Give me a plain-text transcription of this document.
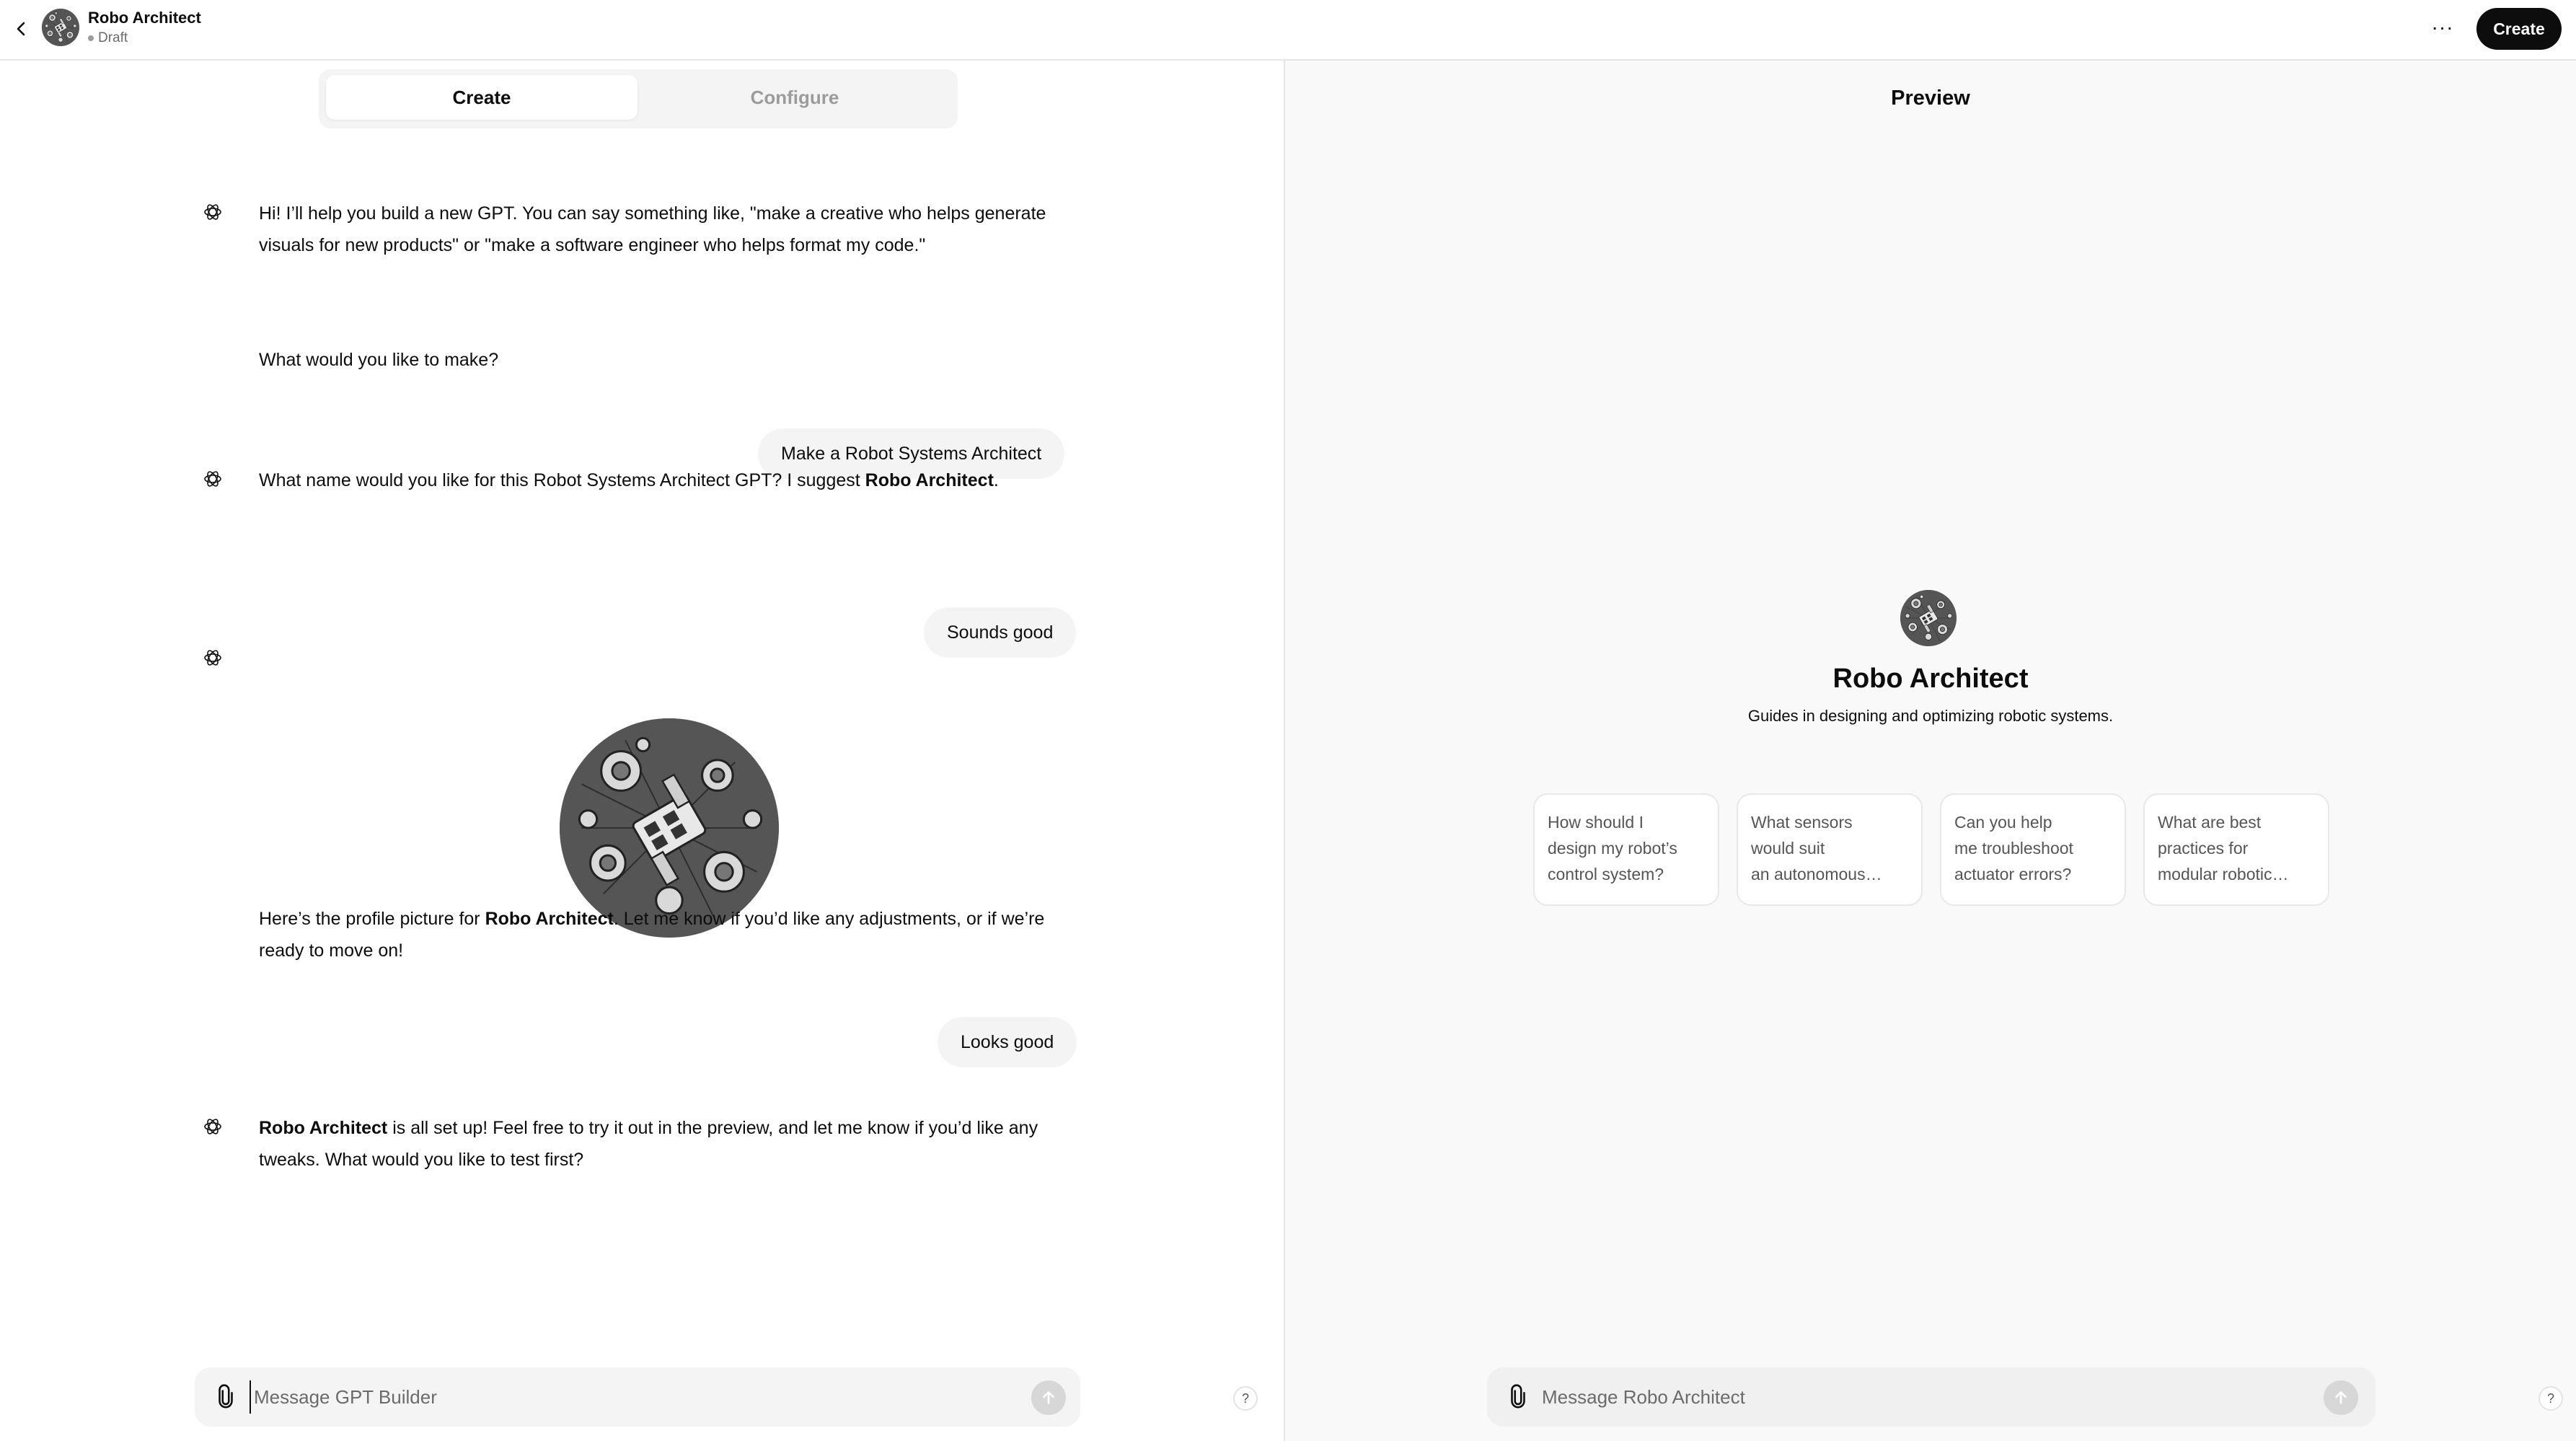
Robo Architect
Draft	···	Create
Create	Configure
Hi! I’ll help you build a new GPT. You can say something like, "make a creative who helps generate
visuals for new products" or "make a software engineer who helps format my code."
What would you like to make?
Make a Robot Systems Architect
What name would you like for this Robot Systems Architect GPT? I suggest Robo Architect.
Sounds good
Here’s the profile picture for Robo Architect. Let me know if you’d like any adjustments, or if we’re
ready to move on!
Looks good
Robo Architect is all set up! Feel free to try it out in the preview, and let me know if you’d like any
tweaks. What would you like to test first?
Message GPT Builder
?
Preview
Robo Architect
Guides in designing and optimizing robotic systems.
How should I
design my robot’s
control system?
What sensors
would suit
an autonomous…
Can you help
me troubleshoot
actuator errors?
What are best
practices for
modular robotic…
Message Robo Architect
?
